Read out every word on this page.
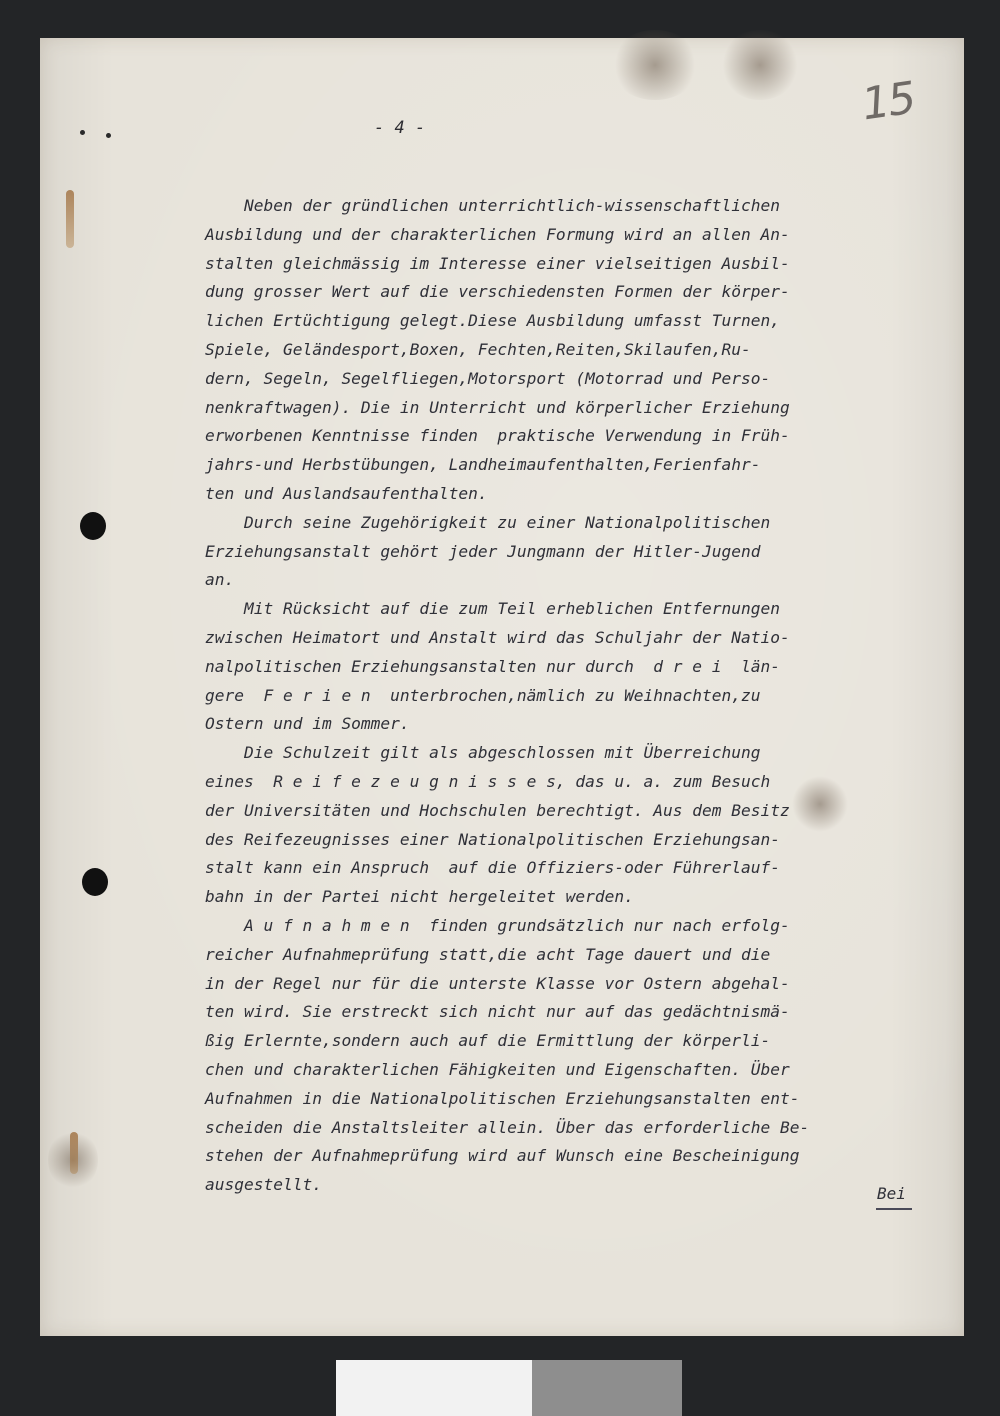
15
- 4 -
Neben der gründlichen unterrichtlich-wissenschaftlichen
Ausbildung und der charakterlichen Formung wird an allen An-
stalten gleichmässig im Interesse einer vielseitigen Ausbil-
dung grosser Wert auf die verschiedensten Formen der körper-
lichen Ertüchtigung gelegt.Diese Ausbildung umfasst Turnen,
Spiele, Geländesport,Boxen, Fechten,Reiten,Skilaufen,Ru-
dern, Segeln, Segelfliegen,Motorsport (Motorrad und Perso-
nenkraftwagen). Die in Unterricht und körperlicher Erziehung
erworbenen Kenntnisse finden  praktische Verwendung in Früh-
jahrs-und Herbstübungen, Landheimaufenthalten,Ferienfahr-
ten und Auslandsaufenthalten.
Durch seine Zugehörigkeit zu einer Nationalpolitischen
Erziehungsanstalt gehört jeder Jungmann der Hitler-Jugend
an.
Mit Rücksicht auf die zum Teil erheblichen Entfernungen
zwischen Heimatort und Anstalt wird das Schuljahr der Natio-
nalpolitischen Erziehungsanstalten nur durch  d r e i  län-
gere  F e r i e n  unterbrochen,nämlich zu Weihnachten,zu
Ostern und im Sommer.
Die Schulzeit gilt als abgeschlossen mit Überreichung
eines  R e i f e z e u g n i s s e s, das u. a. zum Besuch
der Universitäten und Hochschulen berechtigt. Aus dem Besitz
des Reifezeugnisses einer Nationalpolitischen Erziehungsan-
stalt kann ein Anspruch  auf die Offiziers-oder Führerlauf-
bahn in der Partei nicht hergeleitet werden.
A u f n a h m e n  finden grundsätzlich nur nach erfolg-
reicher Aufnahmeprüfung statt,die acht Tage dauert und die
in der Regel nur für die unterste Klasse vor Ostern abgehal-
ten wird. Sie erstreckt sich nicht nur auf das gedächtnismä-
ßig Erlernte,sondern auch auf die Ermittlung der körperli-
chen und charakterlichen Fähigkeiten und Eigenschaften. Über
Aufnahmen in die Nationalpolitischen Erziehungsanstalten ent-
scheiden die Anstaltsleiter allein. Über das erforderliche Be-
stehen der Aufnahmeprüfung wird auf Wunsch eine Bescheinigung
ausgestellt.	Bei
